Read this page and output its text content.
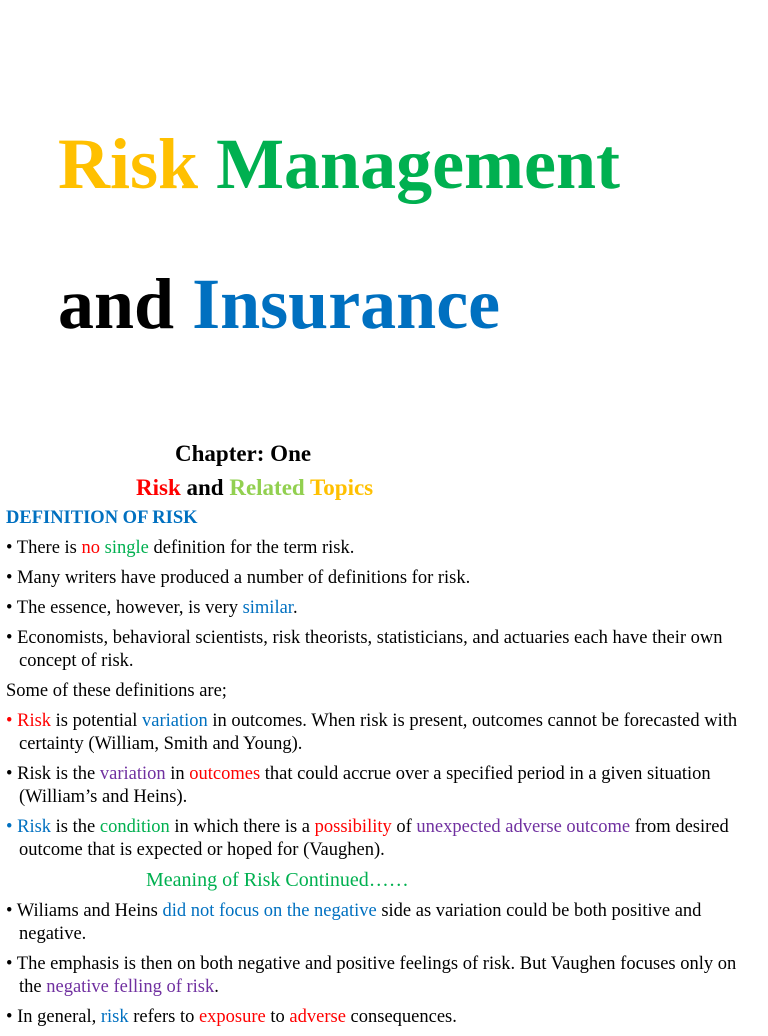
Risk Management
and Insurance
Chapter: One
Risk and Related Topics
DEFINITION OF RISK
• There is no single definition for the term risk.
• Many writers have produced a number of definitions for risk.
• The essence, however, is very similar.
• Economists, behavioral scientists, risk theorists, statisticians, and actuaries each have their own concept of risk.
Some of these definitions are;
• Risk is potential variation in outcomes. When risk is present, outcomes cannot be forecasted with certainty (William, Smith and Young).
• Risk is the variation in outcomes that could accrue over a specified period in a given situation (William’s and Heins).
• Risk is the condition in which there is a possibility of unexpected adverse outcome from desired outcome that is expected or hoped for (Vaughen).
Meaning of Risk Continued……
• Wiliams and Heins did not focus on the negative side as variation could be both positive and negative.
• The emphasis is then on both negative and positive feelings of risk. But Vaughen focuses only on the negative felling of risk.
• In general, risk refers to exposure to adverse consequences.
